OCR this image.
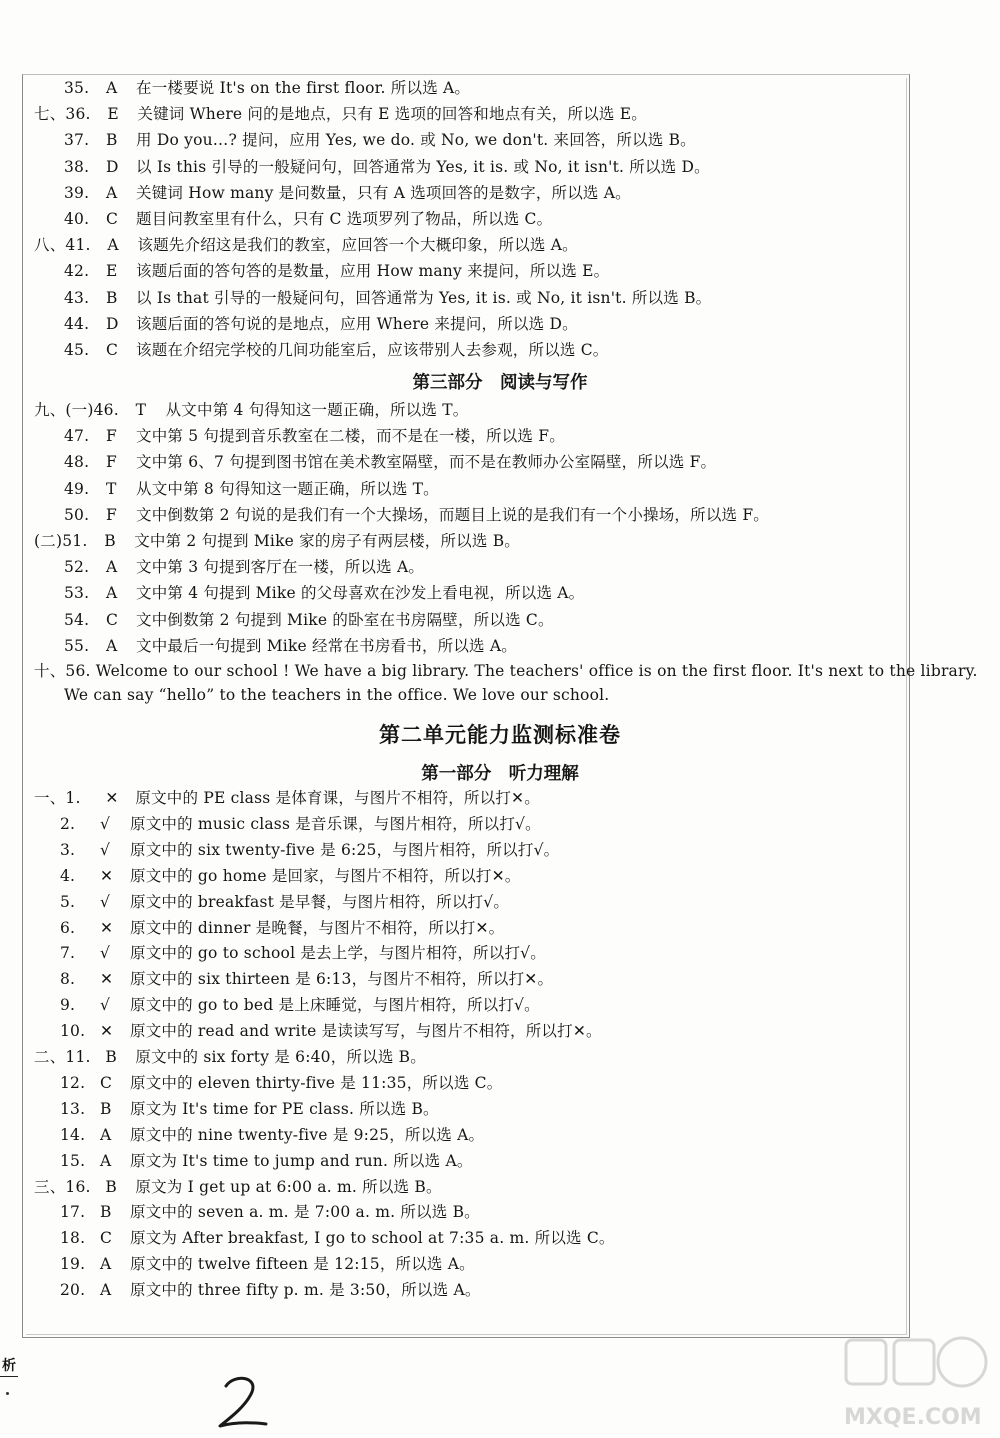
35. A 在一楼要说 It's on the first floor. 所以选 A。
七、36. E 关键词 Where 问的是地点，只有 E 选项的回答和地点有关，所以选 E。
37. B 用 Do you…? 提问，应用 Yes, we do. 或 No, we don't. 来回答，所以选 B。
38. D 以 Is this 引导的一般疑问句，回答通常为 Yes, it is. 或 No, it isn't. 所以选 D。
39. A 关键词 How many 是问数量，只有 A 选项回答的是数字，所以选 A。
40. C 题目问教室里有什么，只有 C 选项罗列了物品，所以选 C。
八、41. A 该题先介绍这是我们的教室，应回答一个大概印象，所以选 A。
42. E 该题后面的答句答的是数量，应用 How many 来提问，所以选 E。
43. B 以 Is that 引导的一般疑问句，回答通常为 Yes, it is. 或 No, it isn't. 所以选 B。
44. D 该题后面的答句说的是地点，应用 Where 来提问，所以选 D。
45. C 该题在介绍完学校的几间功能室后，应该带别人去参观，所以选 C。
第三部分　阅读与写作
九、(一)46. T 从文中第 4 句得知这一题正确，所以选 T。
47. F 文中第 5 句提到音乐教室在二楼，而不是在一楼，所以选 F。
48. F 文中第 6、7 句提到图书馆在美术教室隔壁，而不是在教师办公室隔壁，所以选 F。
49. T 从文中第 8 句得知这一题正确，所以选 T。
50. F 文中倒数第 2 句说的是我们有一个大操场，而题目上说的是我们有一个小操场，所以选 F。
(二)51. B 文中第 2 句提到 Mike 家的房子有两层楼，所以选 B。
52. A 文中第 3 句提到客厅在一楼，所以选 A。
53. A 文中第 4 句提到 Mike 的父母喜欢在沙发上看电视，所以选 A。
54. C 文中倒数第 2 句提到 Mike 的卧室在书房隔壁，所以选 C。
55. A 文中最后一句提到 Mike 经常在书房看书，所以选 A。
十、56. Welcome to our school ! We have a big library. The teachers' office is on the first floor. It's next to the library.
We can say “hello” to the teachers in the office. We love our school.
第二单元能力监测标准卷
第一部分　听力理解
一、1. ✕ 原文中的 PE class 是体育课，与图片不相符，所以打✕。
2. √ 原文中的 music class 是音乐课，与图片相符，所以打√。
3. √ 原文中的 six twenty-five 是 6:25，与图片相符，所以打√。
4. ✕ 原文中的 go home 是回家，与图片不相符，所以打✕。
5. √ 原文中的 breakfast 是早餐，与图片相符，所以打√。
6. ✕ 原文中的 dinner 是晚餐，与图片不相符，所以打✕。
7. √ 原文中的 go to school 是去上学，与图片相符，所以打√。
8. ✕ 原文中的 six thirteen 是 6:13，与图片不相符，所以打✕。
9. √ 原文中的 go to bed 是上床睡觉，与图片相符，所以打√。
10. ✕ 原文中的 read and write 是读读写写，与图片不相符，所以打✕。
二、11. B 原文中的 six forty 是 6:40，所以选 B。
12. C 原文中的 eleven thirty-five 是 11:35，所以选 C。
13. B 原文为 It's time for PE class. 所以选 B。
14. A 原文中的 nine twenty-five 是 9:25，所以选 A。
15. A 原文为 It's time to jump and run. 所以选 A。
三、16. B 原文为 I get up at 6:00 a. m. 所以选 B。
17. B 原文中的 seven a. m. 是 7:00 a. m. 所以选 B。
18. C 原文为 After breakfast, I go to school at 7:35 a. m. 所以选 C。
19. A 原文中的 twelve fifteen 是 12:15，所以选 A。
20. A 原文中的 three fifty p. m. 是 3:50，所以选 A。
析
MXQE.COM
